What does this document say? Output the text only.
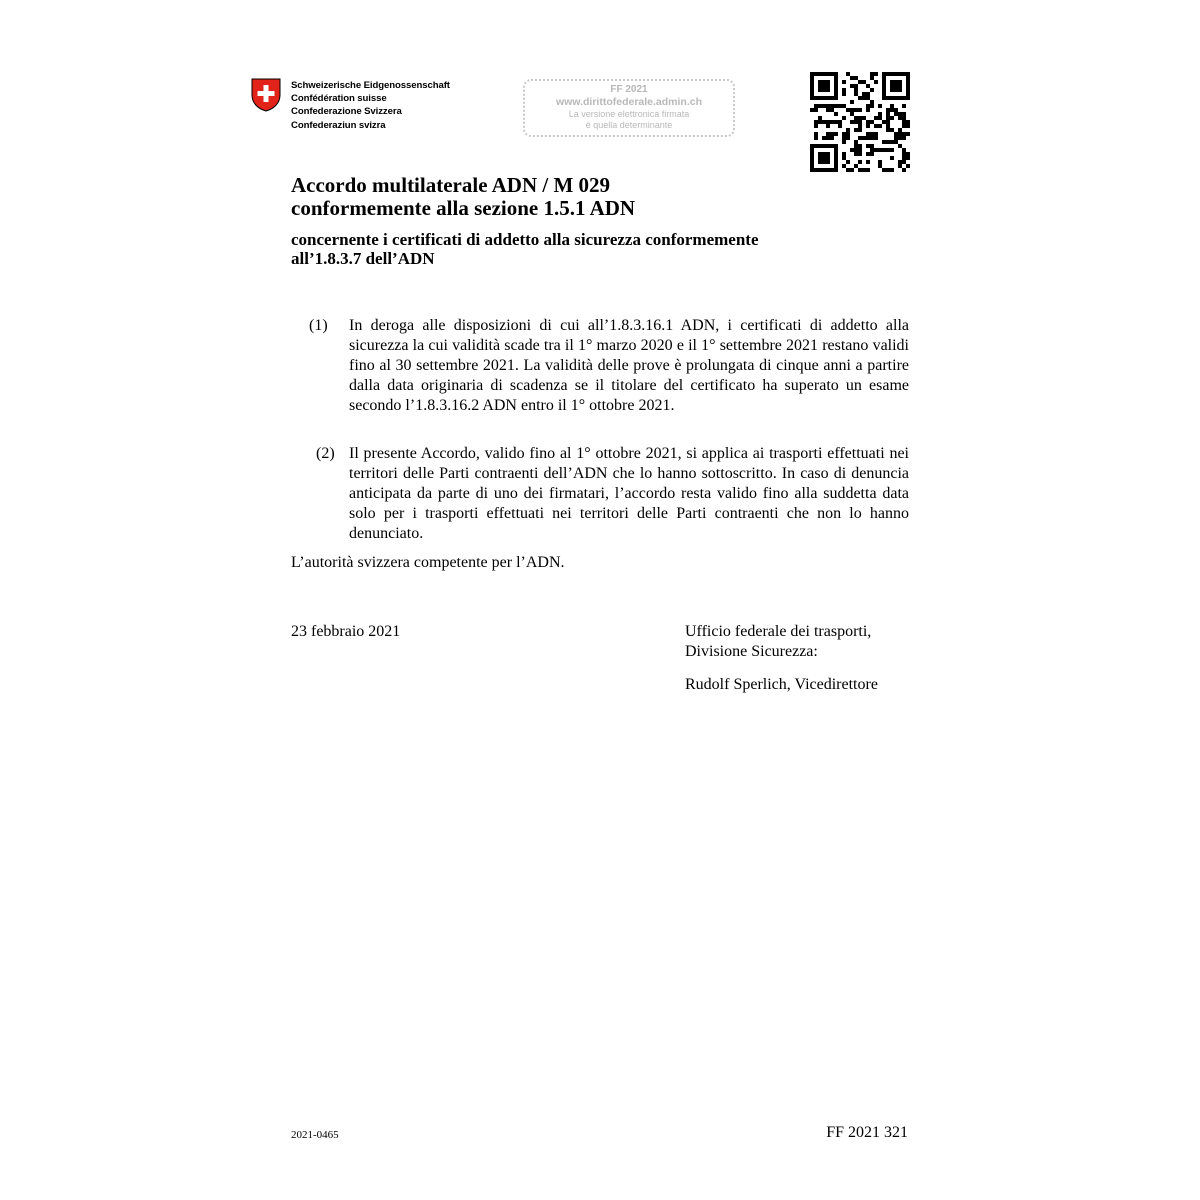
Schweizerische Eidgenossenschaft
Confédération suisse
Confederazione Svizzera
Confederaziun svizra
FF 2021
www.dirittofederale.admin.ch
La versione elettronica firmata
è quella determinante
Accordo multilaterale ADN / M 029
conformemente alla sezione 1.5.1 ADN
concernente i certificati di addetto alla sicurezza conformemente
all’1.8.3.7 dell’ADN
(1)	In deroga alle disposizioni di cui all’1.8.3.16.1 ADN, i certificati di addetto alla sicurezza la cui validità scade tra il 1° marzo 2020 e il 1° settembre 2021 restano validi fino al 30 settembre 2021. La validità delle prove è prolungata di cinque anni a partire dalla data originaria di scadenza se il titolare del certificato ha superato un esame secondo l’1.8.3.16.2 ADN entro il 1° ottobre 2021.
(2) Il presente Accordo, valido fino al 1° ottobre 2021, si applica ai trasporti effettuati nei territori delle Parti contraenti dell’ADN che lo hanno sottoscritto. In caso di denuncia anticipata da parte di uno dei firmatari, l’accordo resta valido fino alla suddetta data solo per i trasporti effettuati nei territori delle Parti contraenti che non lo hanno denunciato.
L’autorità svizzera competente per l’ADN.
23 febbraio 2021	Ufficio federale dei trasporti,
Divisione Sicurezza:
Rudolf Sperlich, Vicedirettore
2021-0465	FF 2021 321
